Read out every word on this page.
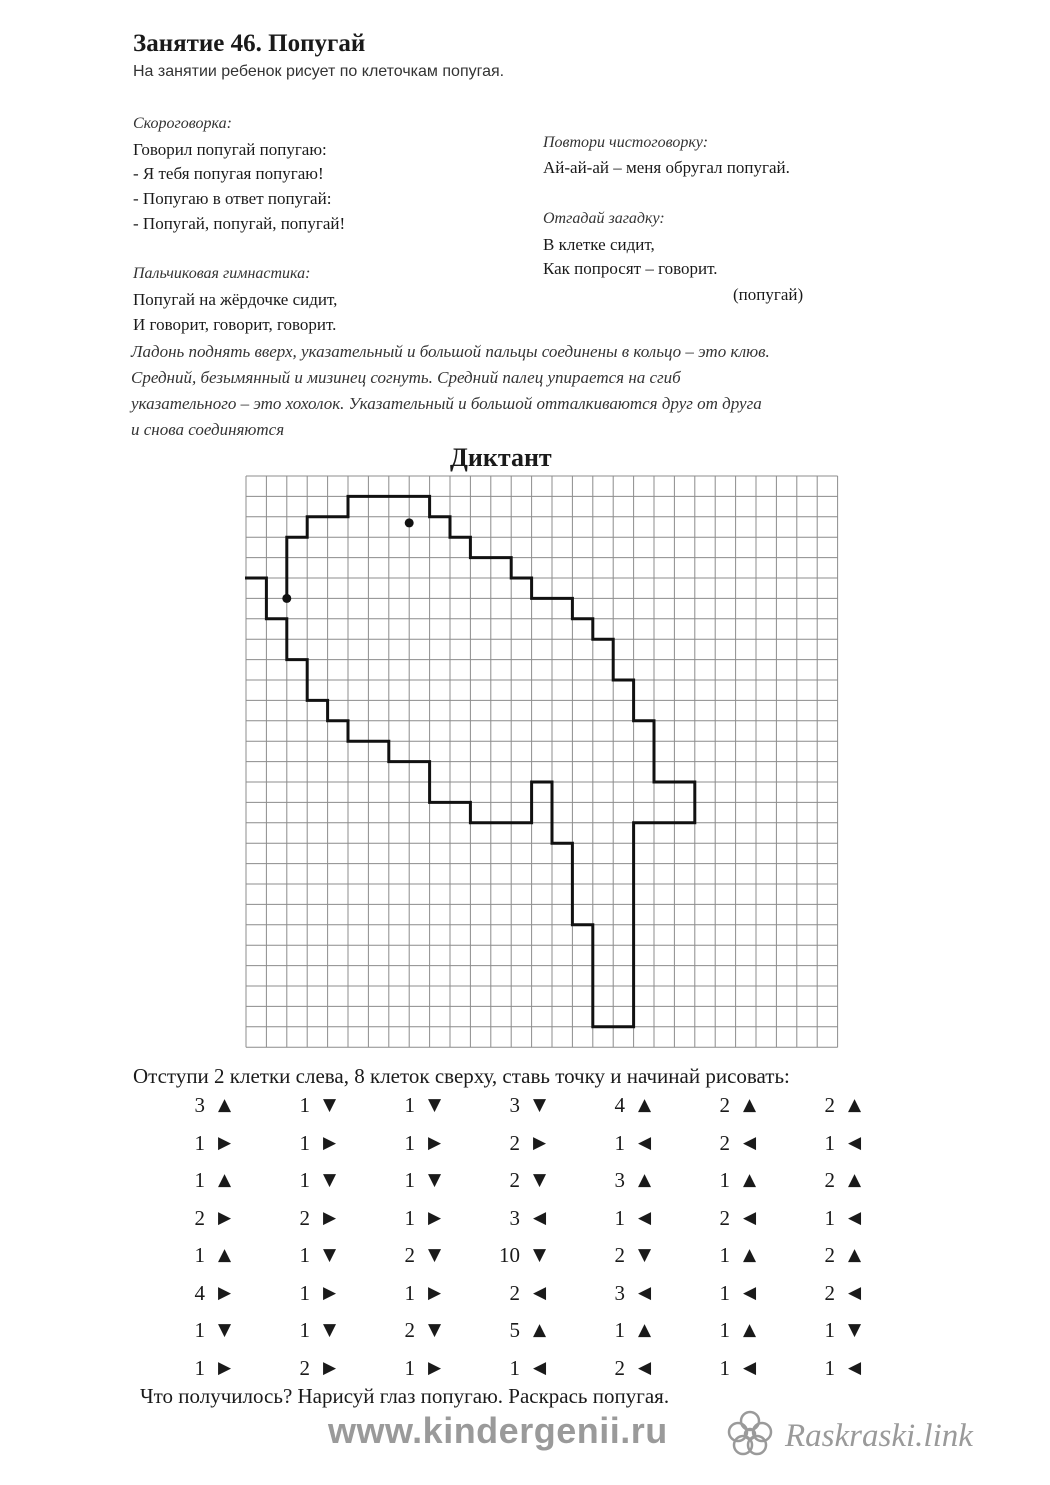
Занятие 46. Попугай
На занятии ребенок рисует по клеточкам попугая.
Скороговорка:
Говорил попугай попугаю:
- Я тебя попугая попугаю!
- Попугаю в ответ попугай:
- Попугай, попугай, попугай!
Пальчиковая гимнастика:
Попугай на жёрдочке сидит,
И говорит, говорит, говорит.
Повтори чистоговорку:
Ай-ай-ай – меня обругал попугай.
Отгадай загадку:
В клетке сидит,
Как попросят – говорит.
(попугай)
Ладонь поднять вверх, указательный и большой пальцы соединены в кольцо – это клюв.
Средний, безымянный и мизинец согнуть. Средний палец упирается на сгиб
указательного – это хохолок. Указательный и большой отталкиваются друг от друга
и снова соединяются
Диктант
Отступи 2 клетки слева, 8 клеток сверху, ставь точку и начинай рисовать:
3 ▲
1 ▶
1 ▲
2 ▶
1 ▲
4 ▶
1 ▼
1 ▶
1 ▼
1 ▶
1 ▼
2 ▶
1 ▼
1 ▶
1 ▼
2 ▶
1 ▼
1 ▶
1 ▼
1 ▶
2 ▼
1 ▶
2 ▼
1 ▶
3 ▼
2 ▶
2 ▼
3 ◀
10 ▼
2 ◀
5 ▲
1 ◀
4 ▲
1 ◀
3 ▲
1 ◀
2 ▼
3 ◀
1 ▲
2 ◀
2 ▲
2 ◀
1 ▲
2 ◀
1 ▲
1 ◀
1 ▲
1 ◀
2 ▲
1 ◀
2 ▲
1 ◀
2 ▲
2 ◀
1 ▼
1 ◀
Что получилось? Нарисуй глаз попугаю. Раскрась попугая.
www.kindergenii.ru	Raskraski.link
